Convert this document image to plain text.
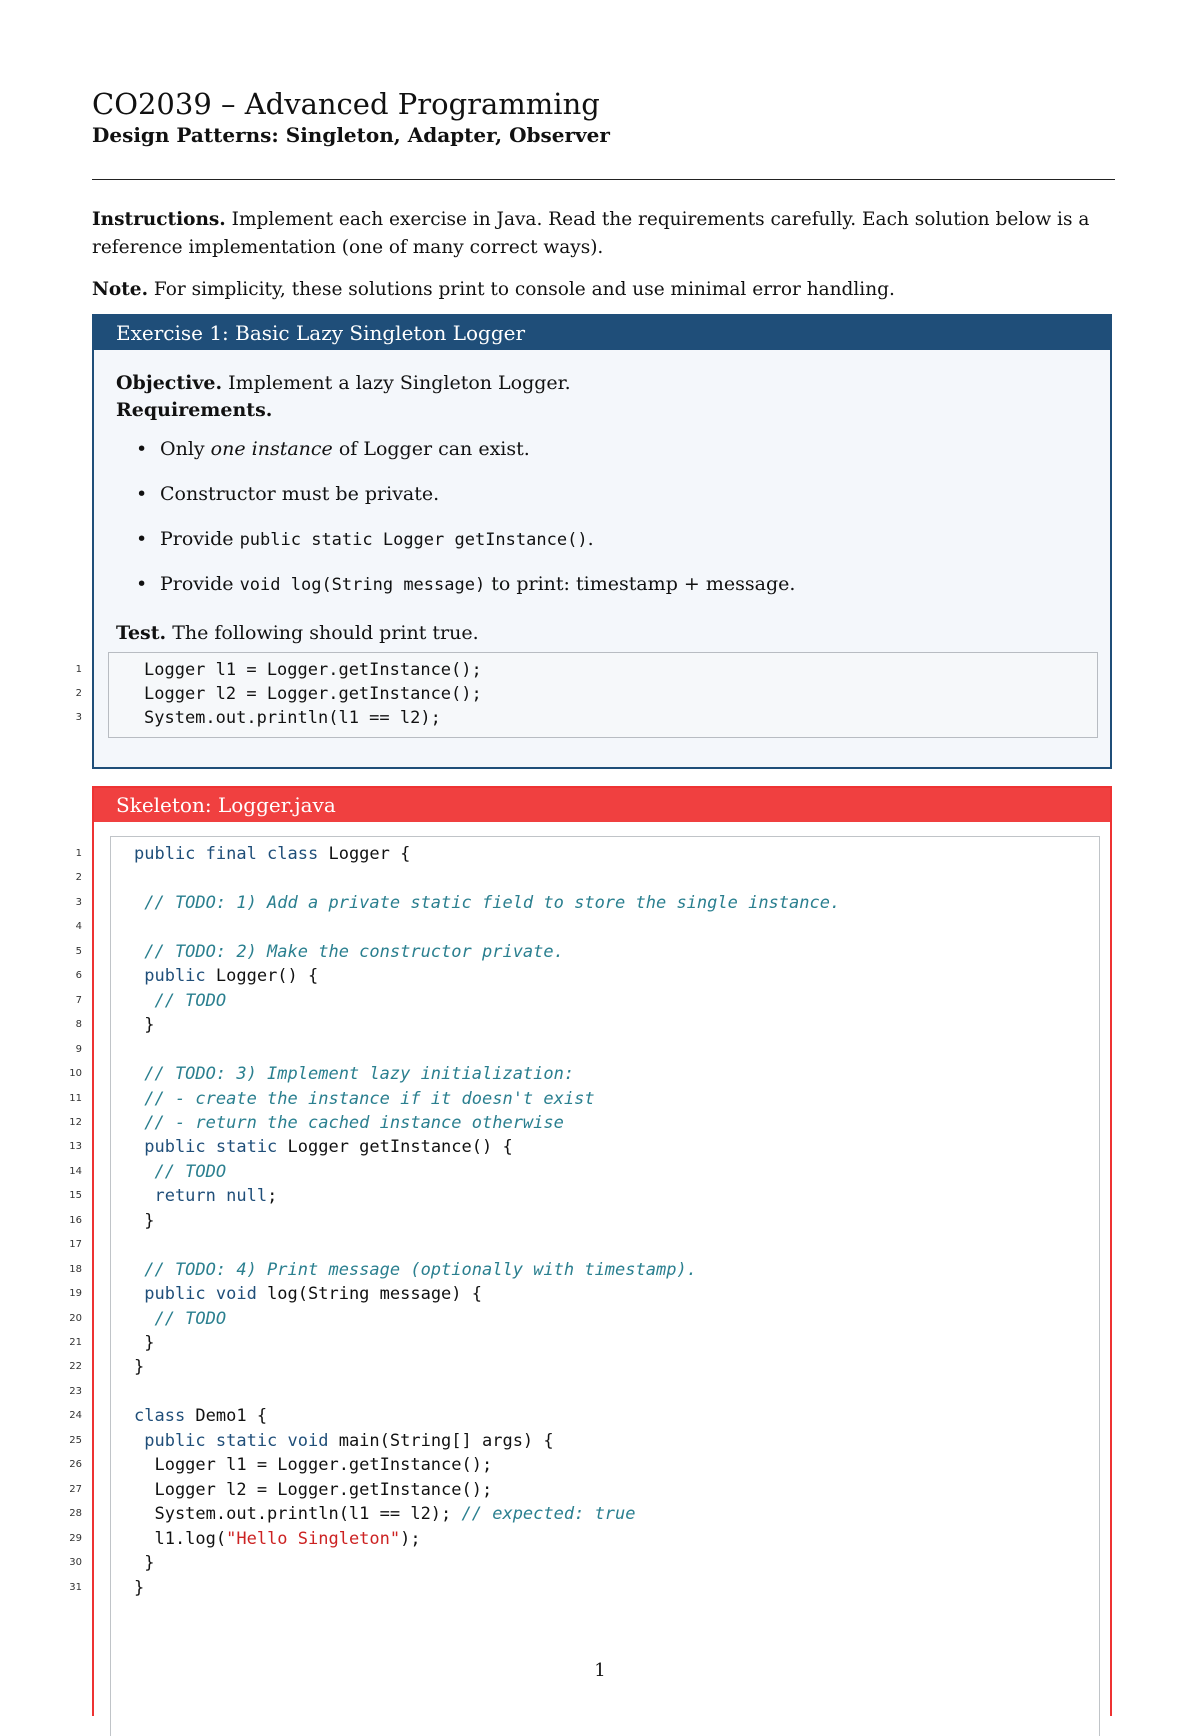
CO2039 – Advanced Programming
Design Patterns: Singleton, Adapter, Observer
Instructions. Implement each exercise in Java. Read the requirements carefully. Each solution below is a reference implementation (one of many correct ways).
Note. For simplicity, these solutions print to console and use minimal error handling.
Exercise 1: Basic Lazy Singleton Logger
Objective. Implement a lazy Singleton Logger.
Requirements.
• Only one instance of Logger can exist.
• Constructor must be private.
• Provide public static Logger getInstance().
• Provide void log(String message) to print: timestamp + message.
Test. The following should print true.
1	Logger l1 = Logger.getInstance();
2	Logger l2 = Logger.getInstance();
3	System.out.println(l1 == l2);
Skeleton: Logger.java
1	public final class Logger {
2
3	// TODO: 1) Add a private static field to store the single instance.
4
5	// TODO: 2) Make the constructor private.
6	public Logger() {
7	// TODO
8	}
9
10	// TODO: 3) Implement lazy initialization:
11	// - create the instance if it doesn't exist
12	// - return the cached instance otherwise
13	public static Logger getInstance() {
14	// TODO
15	return null;
16	}
17
18	// TODO: 4) Print message (optionally with timestamp).
19	public void log(String message) {
20	// TODO
21	}
22	}
23
24	class Demo1 {
25	public static void main(String[] args) {
26	Logger l1 = Logger.getInstance();
27	Logger l2 = Logger.getInstance();
28	System.out.println(l1 == l2); // expected: true
29	l1.log("Hello Singleton");
30	}
31	}
1
